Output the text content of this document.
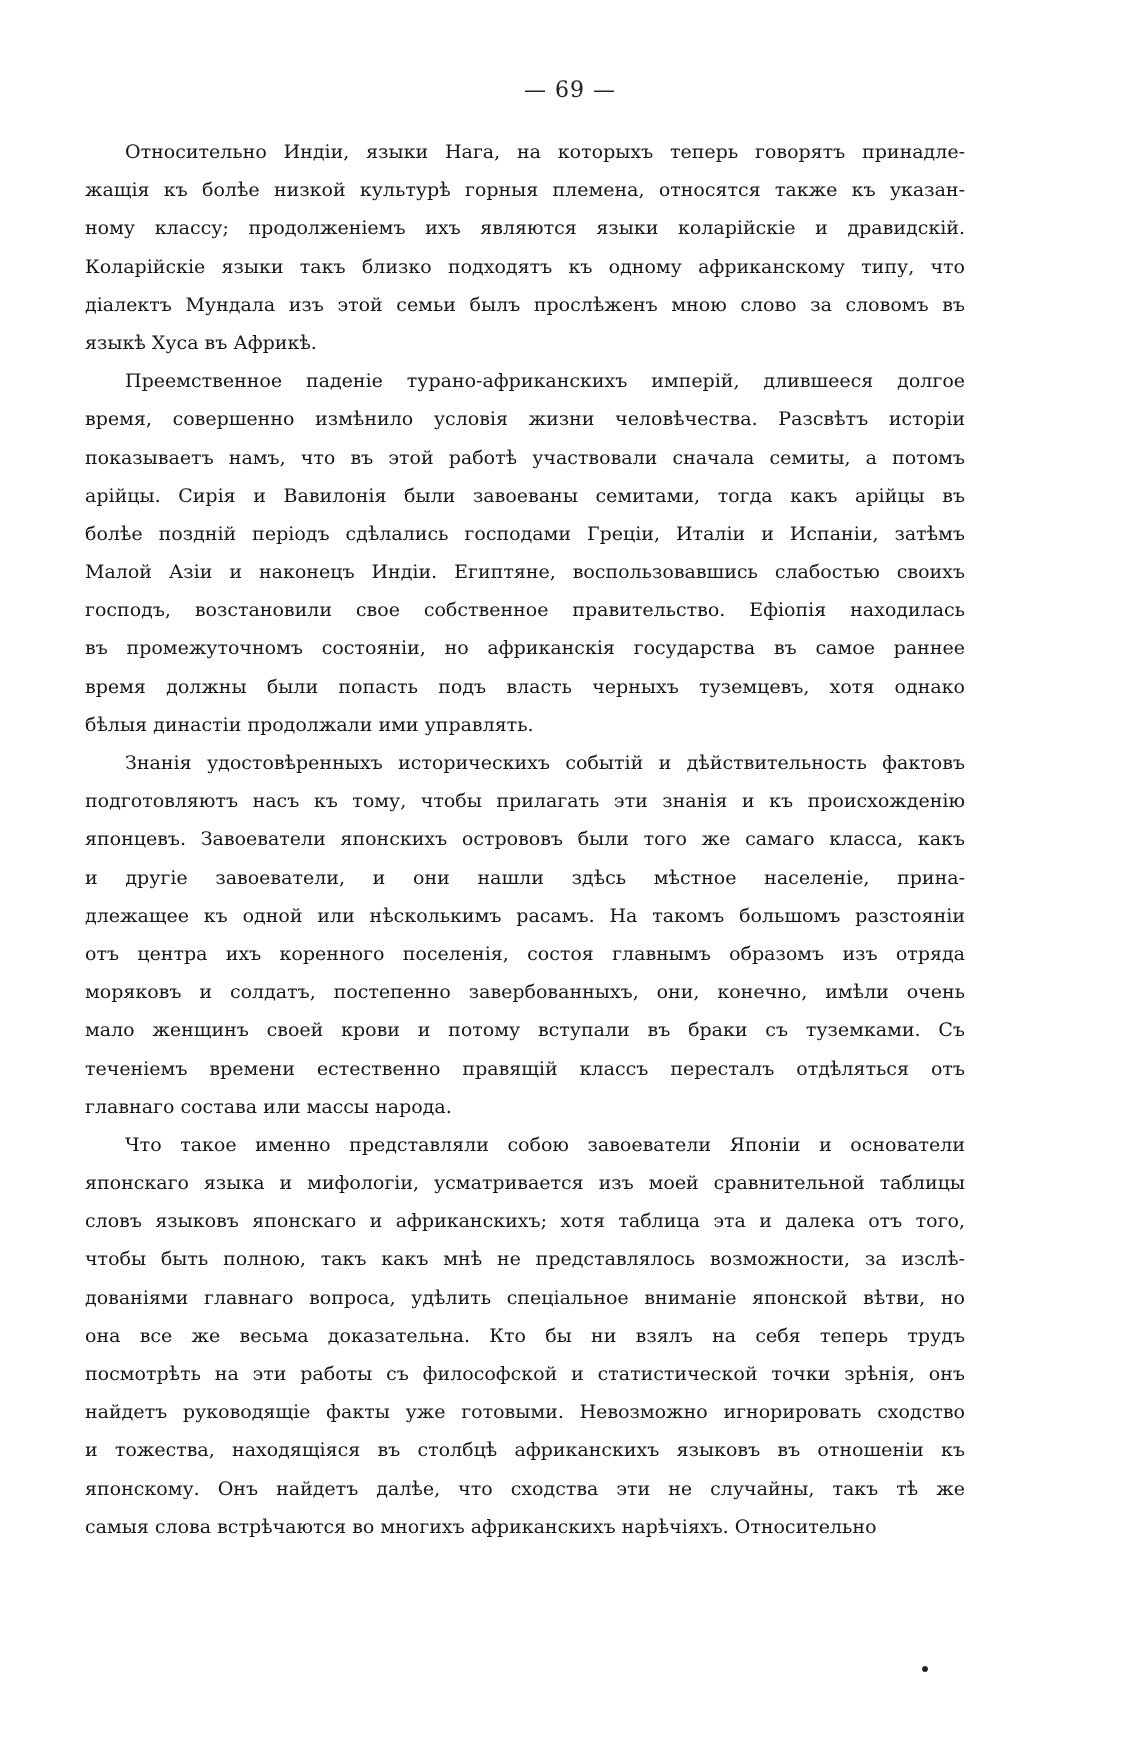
— 69 —
Относительно Индіи, языки Нага, на которыхъ теперь говорятъ принадле-
жащія къ болѣе низкой культурѣ горныя племена, относятся также къ указан-
ному классу; продолженіемъ ихъ являются языки коларійскіе и дравидскій.
Коларійскіе языки такъ близко подходятъ къ одному африканскому типу, что
діалектъ Мундала изъ этой семьи былъ прослѣженъ мною слово за словомъ въ
языкѣ Хуса въ Африкѣ.
Преемственное паденіе турано-африканскихъ имперій, длившееся долгое
время, совершенно измѣнило условія жизни человѣчества. Разсвѣтъ исторіи
показываетъ намъ, что въ этой работѣ участвовали сначала семиты, а потомъ
арійцы. Сирія и Вавилонія были завоеваны семитами, тогда какъ арійцы въ
болѣе поздній періодъ сдѣлались господами Греціи, Италіи и Испаніи, затѣмъ
Малой Азіи и наконецъ Индіи. Египтяне, воспользовавшись слабостью своихъ
господъ, возстановили свое собственное правительство. Ефіопія находилась
въ промежуточномъ состояніи, но африканскія государства въ самое раннее
время должны были попасть подъ власть черныхъ туземцевъ, хотя однако
бѣлыя династіи продолжали ими управлять.
Знанія удостовѣренныхъ историческихъ событій и дѣйствительность фактовъ
подготовляютъ насъ къ тому, чтобы прилагать эти знанія и къ происхожденію
японцевъ. Завоеватели японскихъ острововъ были того же самаго класса, какъ
и другіе завоеватели, и они нашли здѣсь мѣстное населеніе, прина-
длежащее къ одной или нѣсколькимъ расамъ. На такомъ большомъ разстояніи
отъ центра ихъ коренного поселенія, состоя главнымъ образомъ изъ отряда
моряковъ и солдатъ, постепенно завербованныхъ, они, конечно, имѣли очень
мало женщинъ своей крови и потому вступали въ браки съ туземками. Съ
теченіемъ времени естественно правящій классъ пересталъ отдѣляться отъ
главнаго состава или массы народа.
Что такое именно представляли собою завоеватели Японіи и основатели
японскаго языка и мифологіи, усматривается изъ моей сравнительной таблицы
словъ языковъ японскаго и африканскихъ; хотя таблица эта и далека отъ того,
чтобы быть полною, такъ какъ мнѣ не представлялось возможности, за изслѣ-
дованіями главнаго вопроса, удѣлить спеціальное вниманіе японской вѣтви, но
она все же весьма доказательна. Кто бы ни взялъ на себя теперь трудъ
посмотрѣть на эти работы съ философской и статистической точки зрѣнія, онъ
найдетъ руководящіе факты уже готовыми. Невозможно игнорировать сходство
и тожества, находящіяся въ столбцѣ африканскихъ языковъ въ отношеніи къ
японскому. Онъ найдетъ далѣе, что сходства эти не случайны, такъ тѣ же
самыя слова встрѣчаются во многихъ африканскихъ нарѣчіяхъ. Относительно
